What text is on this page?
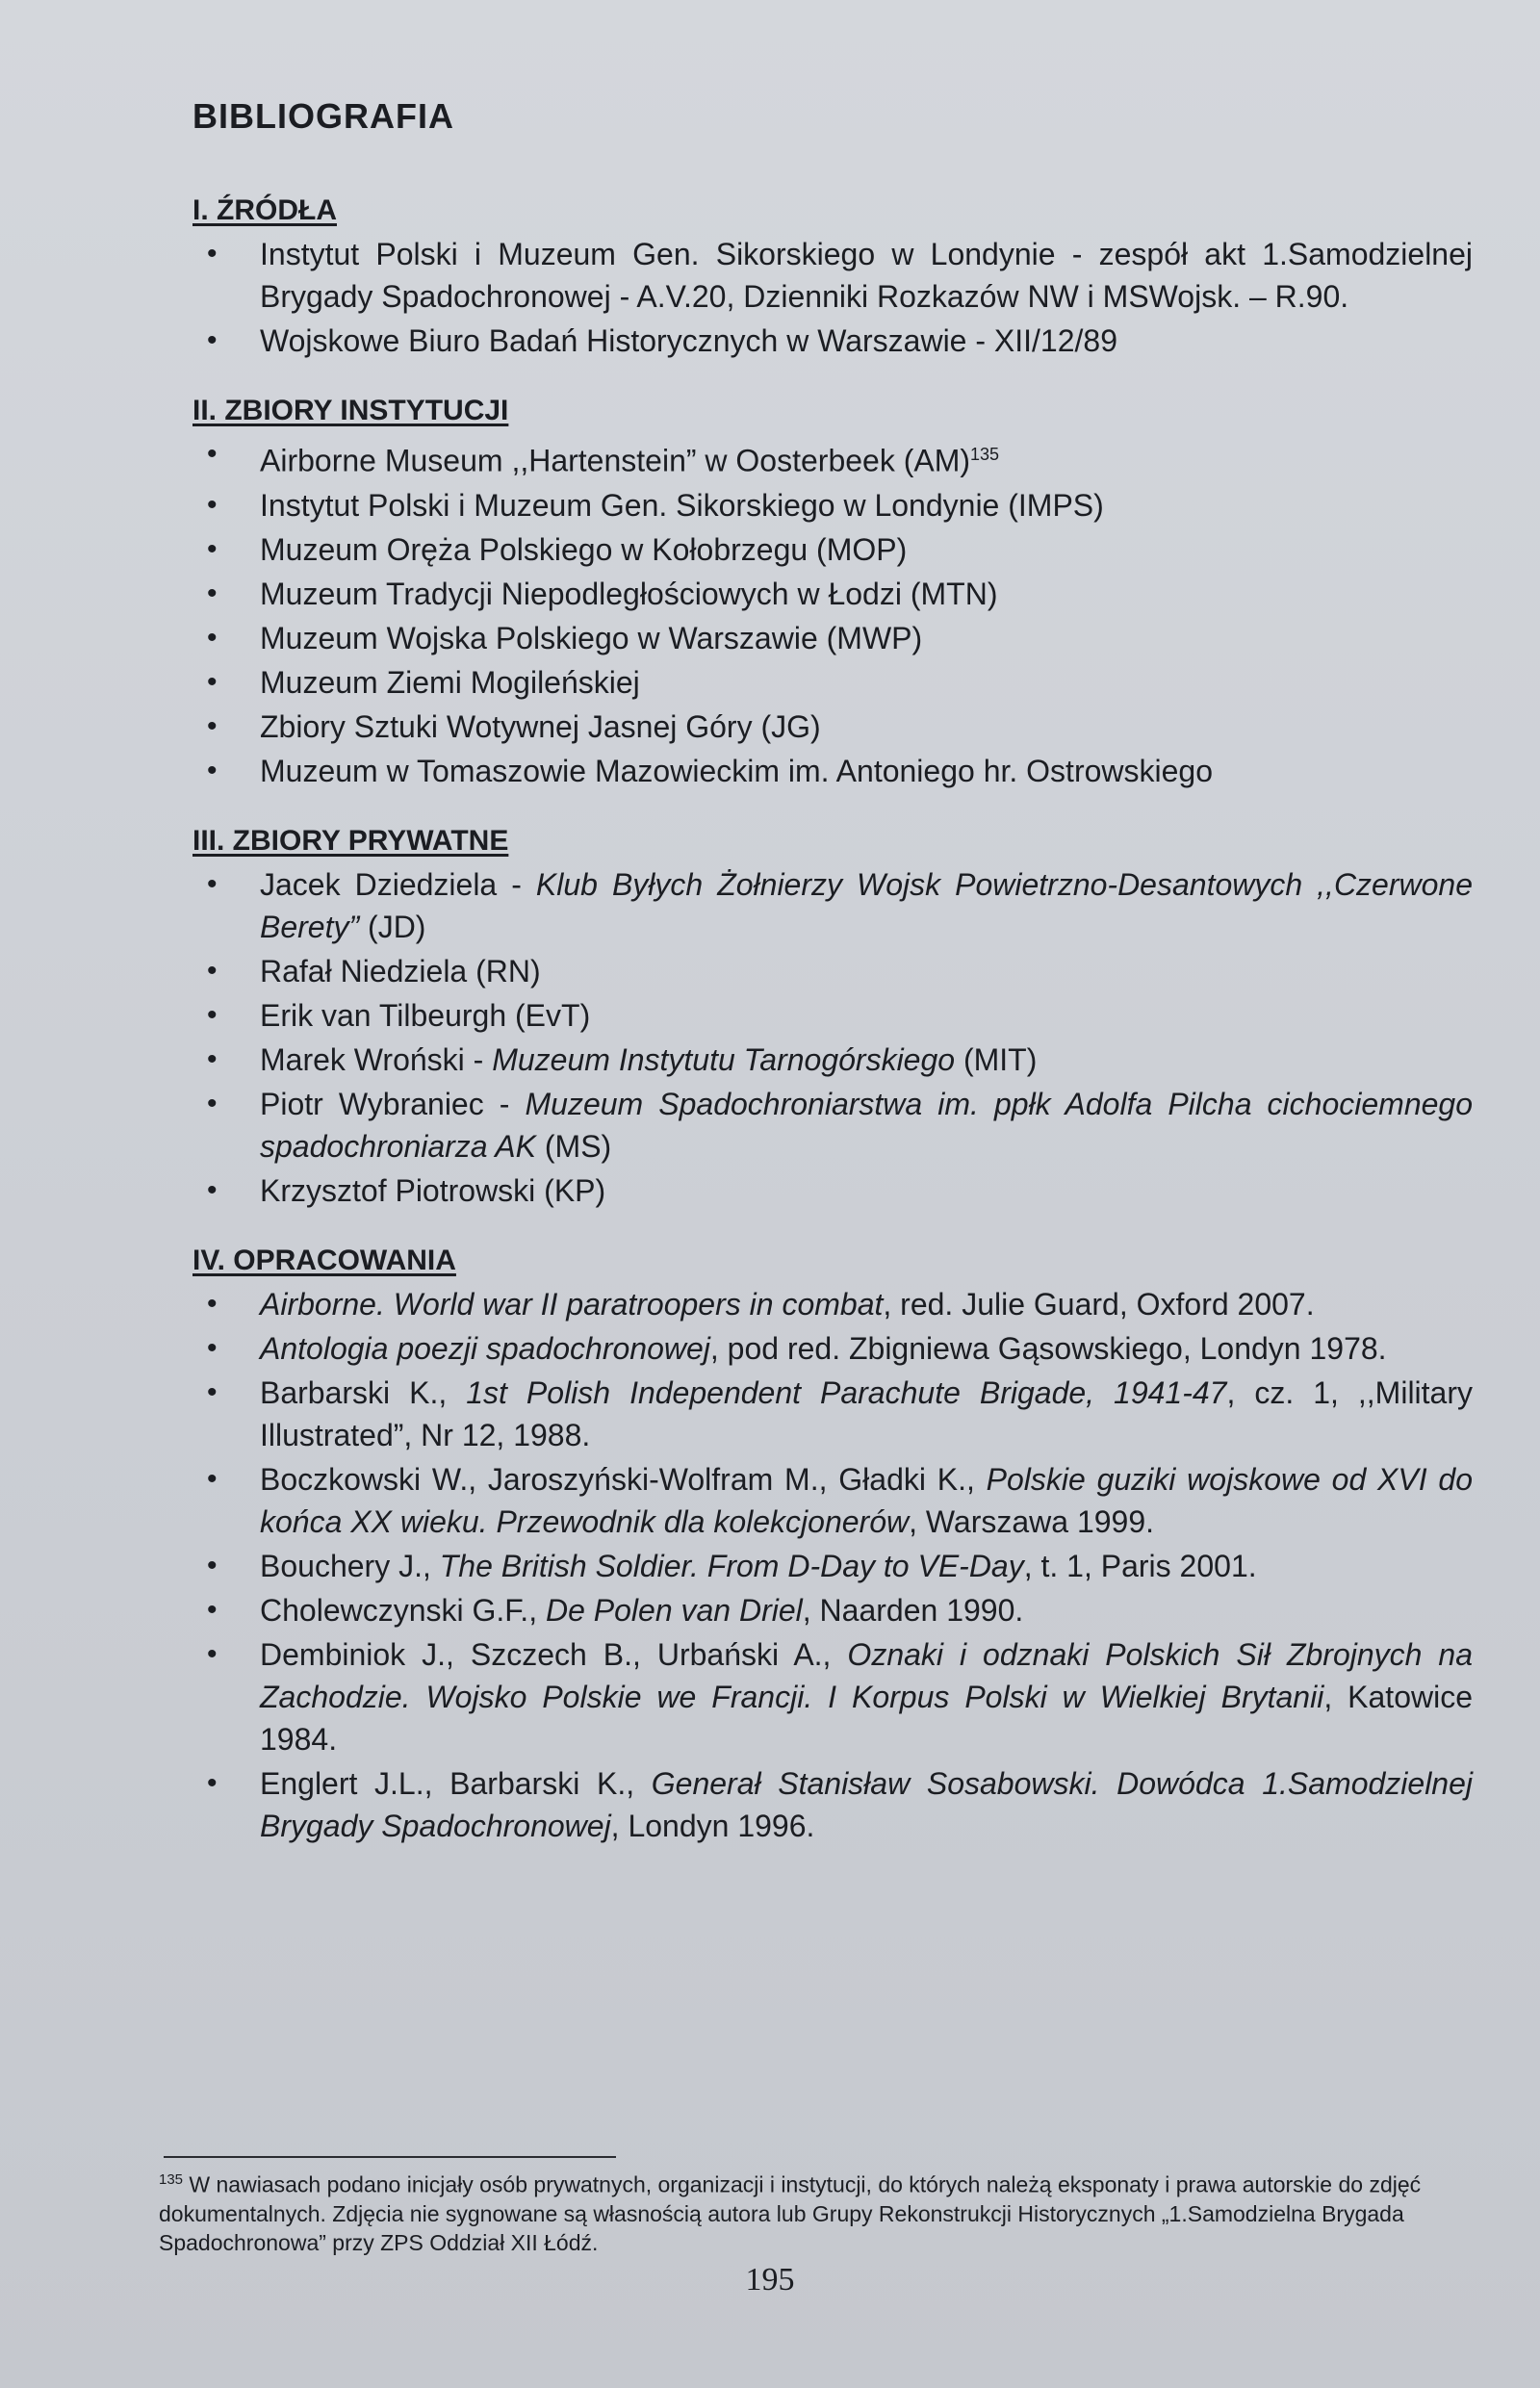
BIBLIOGRAFIA
I. ŹRÓDŁA
• Instytut Polski i Muzeum Gen. Sikorskiego w Londynie - zespół akt 1.Samodzielnej Brygady Spadochronowej - A.V.20, Dzienniki Rozkazów NW i MSWojsk. – R.90.
• Wojskowe Biuro Badań Historycznych w Warszawie - XII/12/89
II. ZBIORY INSTYTUCJI
• Airborne Museum ,,Hartenstein” w Oosterbeek (AM)$^{135}$
• Instytut Polski i Muzeum Gen. Sikorskiego w Londynie (IMPS)
• Muzeum Oręża Polskiego w Kołobrzegu (MOP)
• Muzeum Tradycji Niepodległościowych w Łodzi (MTN)
• Muzeum Wojska Polskiego w Warszawie (MWP)
• Muzeum Ziemi Mogileńskiej
• Zbiory Sztuki Wotywnej Jasnej Góry (JG)
• Muzeum w Tomaszowie Mazowieckim im. Antoniego hr. Ostrowskiego
III. ZBIORY PRYWATNE
• Jacek Dziedziela - Klub Byłych Żołnierzy Wojsk Powietrzno-Desantowych ,,Czerwone Berety” (JD)
• Rafał Niedziela (RN)
• Erik van Tilbeurgh (EvT)
• Marek Wroński - Muzeum Instytutu Tarnogórskiego (MIT)
• Piotr Wybraniec - Muzeum Spadochroniarstwa im. ppłk Adolfa Pilcha cichociemnego spadochroniarza AK (MS)
• Krzysztof Piotrowski (KP)
IV. OPRACOWANIA
• Airborne. World war II paratroopers in combat, red. Julie Guard, Oxford 2007.
• Antologia poezji spadochronowej, pod red. Zbigniewa Gąsowskiego, Londyn 1978.
• Barbarski K., 1st Polish Independent Parachute Brigade, 1941-47, cz. 1, ,,Military Illustrated”, Nr 12, 1988.
• Boczkowski W., Jaroszyński-Wolfram M., Gładki K., Polskie guziki wojskowe od XVI do końca XX wieku. Przewodnik dla kolekcjonerów, Warszawa 1999.
• Bouchery J., The British Soldier. From D-Day to VE-Day, t. 1, Paris 2001.
• Cholewczynski G.F., De Polen van Driel, Naarden 1990.
• Dembiniok J., Szczech B., Urbański A., Oznaki i odznaki Polskich Sił Zbrojnych na Zachodzie. Wojsko Polskie we Francji. I Korpus Polski w Wielkiej Brytanii, Katowice 1984.
• Englert J.L., Barbarski K., Generał Stanisław Sosabowski. Dowódca 1.Samodzielnej Brygady Spadochronowej, Londyn 1996.
$^{135}$ W nawiasach podano inicjały osób prywatnych, organizacji i instytucji, do których należą eksponaty i prawa autorskie do zdjęć dokumentalnych. Zdjęcia nie sygnowane są własnością autora lub Grupy Rekonstrukcji Historycznych „1.Samodzielna Brygada Spadochronowa” przy ZPS Oddział XII Łódź.
195
